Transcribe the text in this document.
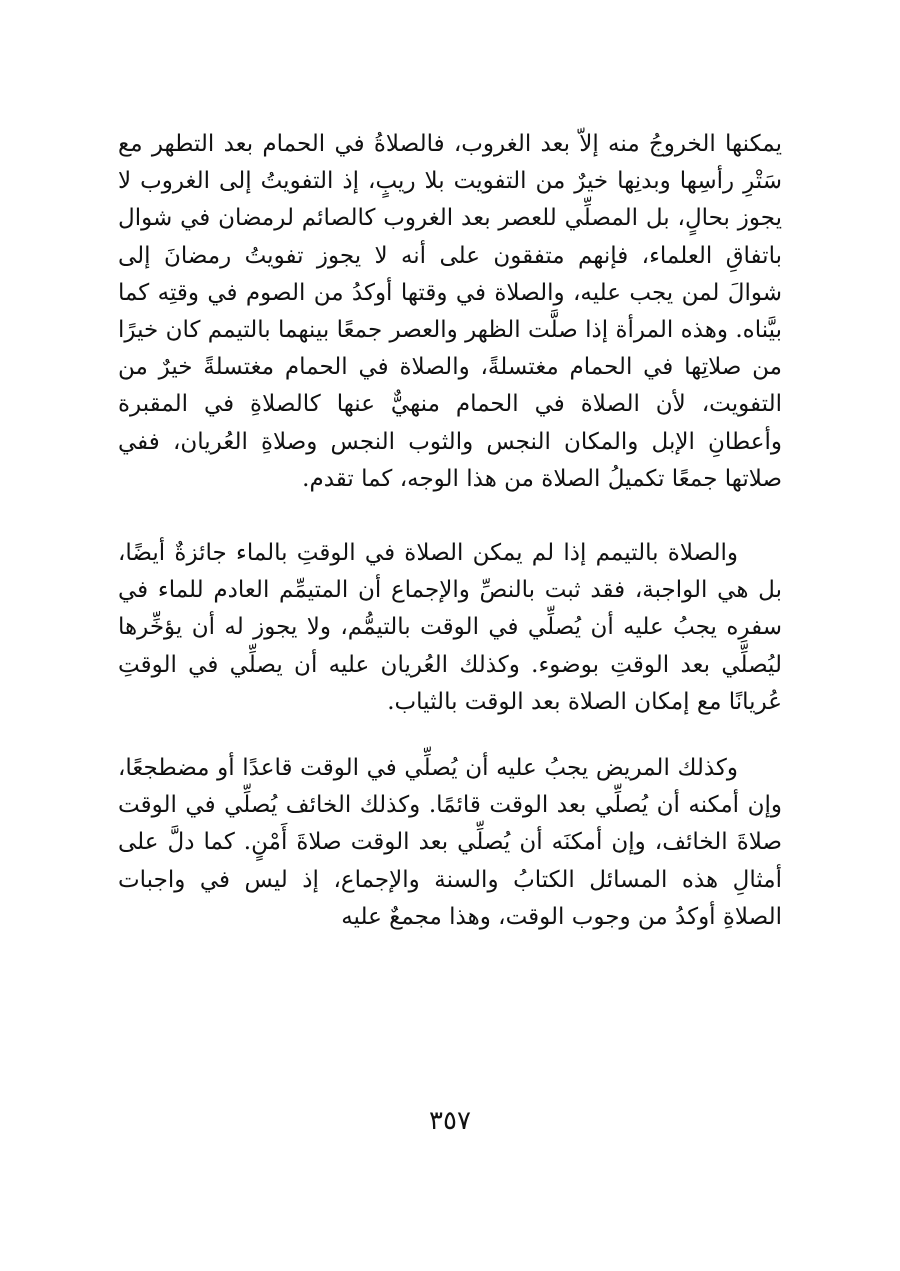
يمكنها الخروجُ منه إلاّ بعد الغروب، فالصلاةُ في الحمام بعد التطهر مع سَتْرِ رأسِها وبدنِها خيرٌ من التفويت بلا ريبٍ، إذ التفويتُ إلى الغروب لا يجوز بحالٍ، بل المصلِّي للعصر بعد الغروب كالصائم لرمضان في شوال باتفاقِ العلماء، فإنهم متفقون على أنه لا يجوز تفويتُ رمضانَ إلى شوالَ لمن يجب عليه، والصلاة في وقتها أوكدُ من الصوم في وقتِه كما بيَّناه. وهذه المرأة إذا صلَّت الظهر والعصر جمعًا بينهما بالتيمم كان خيرًا من صلاتِها في الحمام مغتسلةً، والصلاة في الحمام مغتسلةً خيرٌ من التفويت، لأن الصلاة في الحمام منهيٌّ عنها كالصلاةِ في المقبرة وأعطانِ الإبل والمكان النجس والثوب النجس وصلاةِ العُريان، ففي صلاتها جمعًا تكميلُ الصلاة من هذا الوجه، كما تقدم.

والصلاة بالتيمم إذا لم يمكن الصلاة في الوقتِ بالماء جائزةٌ أيضًا، بل هي الواجبة، فقد ثبت بالنصِّ والإجماع أن المتيمِّم العادم للماء في سفرِه يجبُ عليه أن يُصلِّي في الوقت بالتيمُّم، ولا يجوز له أن يؤخِّرها ليُصلِّي بعد الوقتِ بوضوء. وكذلك العُريان عليه أن يصلِّي في الوقتِ عُريانًا مع إمكان الصلاة بعد الوقت بالثياب.

وكذلك المريض يجبُ عليه أن يُصلِّي في الوقت قاعدًا أو مضطجعًا، وإن أمكنه أن يُصلِّي بعد الوقت قائمًا. وكذلك الخائف يُصلِّي في الوقت صلاةَ الخائف، وإن أمكنَه أن يُصلِّي بعد الوقت صلاةَ أَمْنٍ. كما دلَّ على أمثالِ هذه المسائل الكتابُ والسنة والإجماع، إذ ليس في واجبات الصلاةِ أوكدُ من وجوب الوقت، وهذا مجمعٌ عليه

٣٥٧
